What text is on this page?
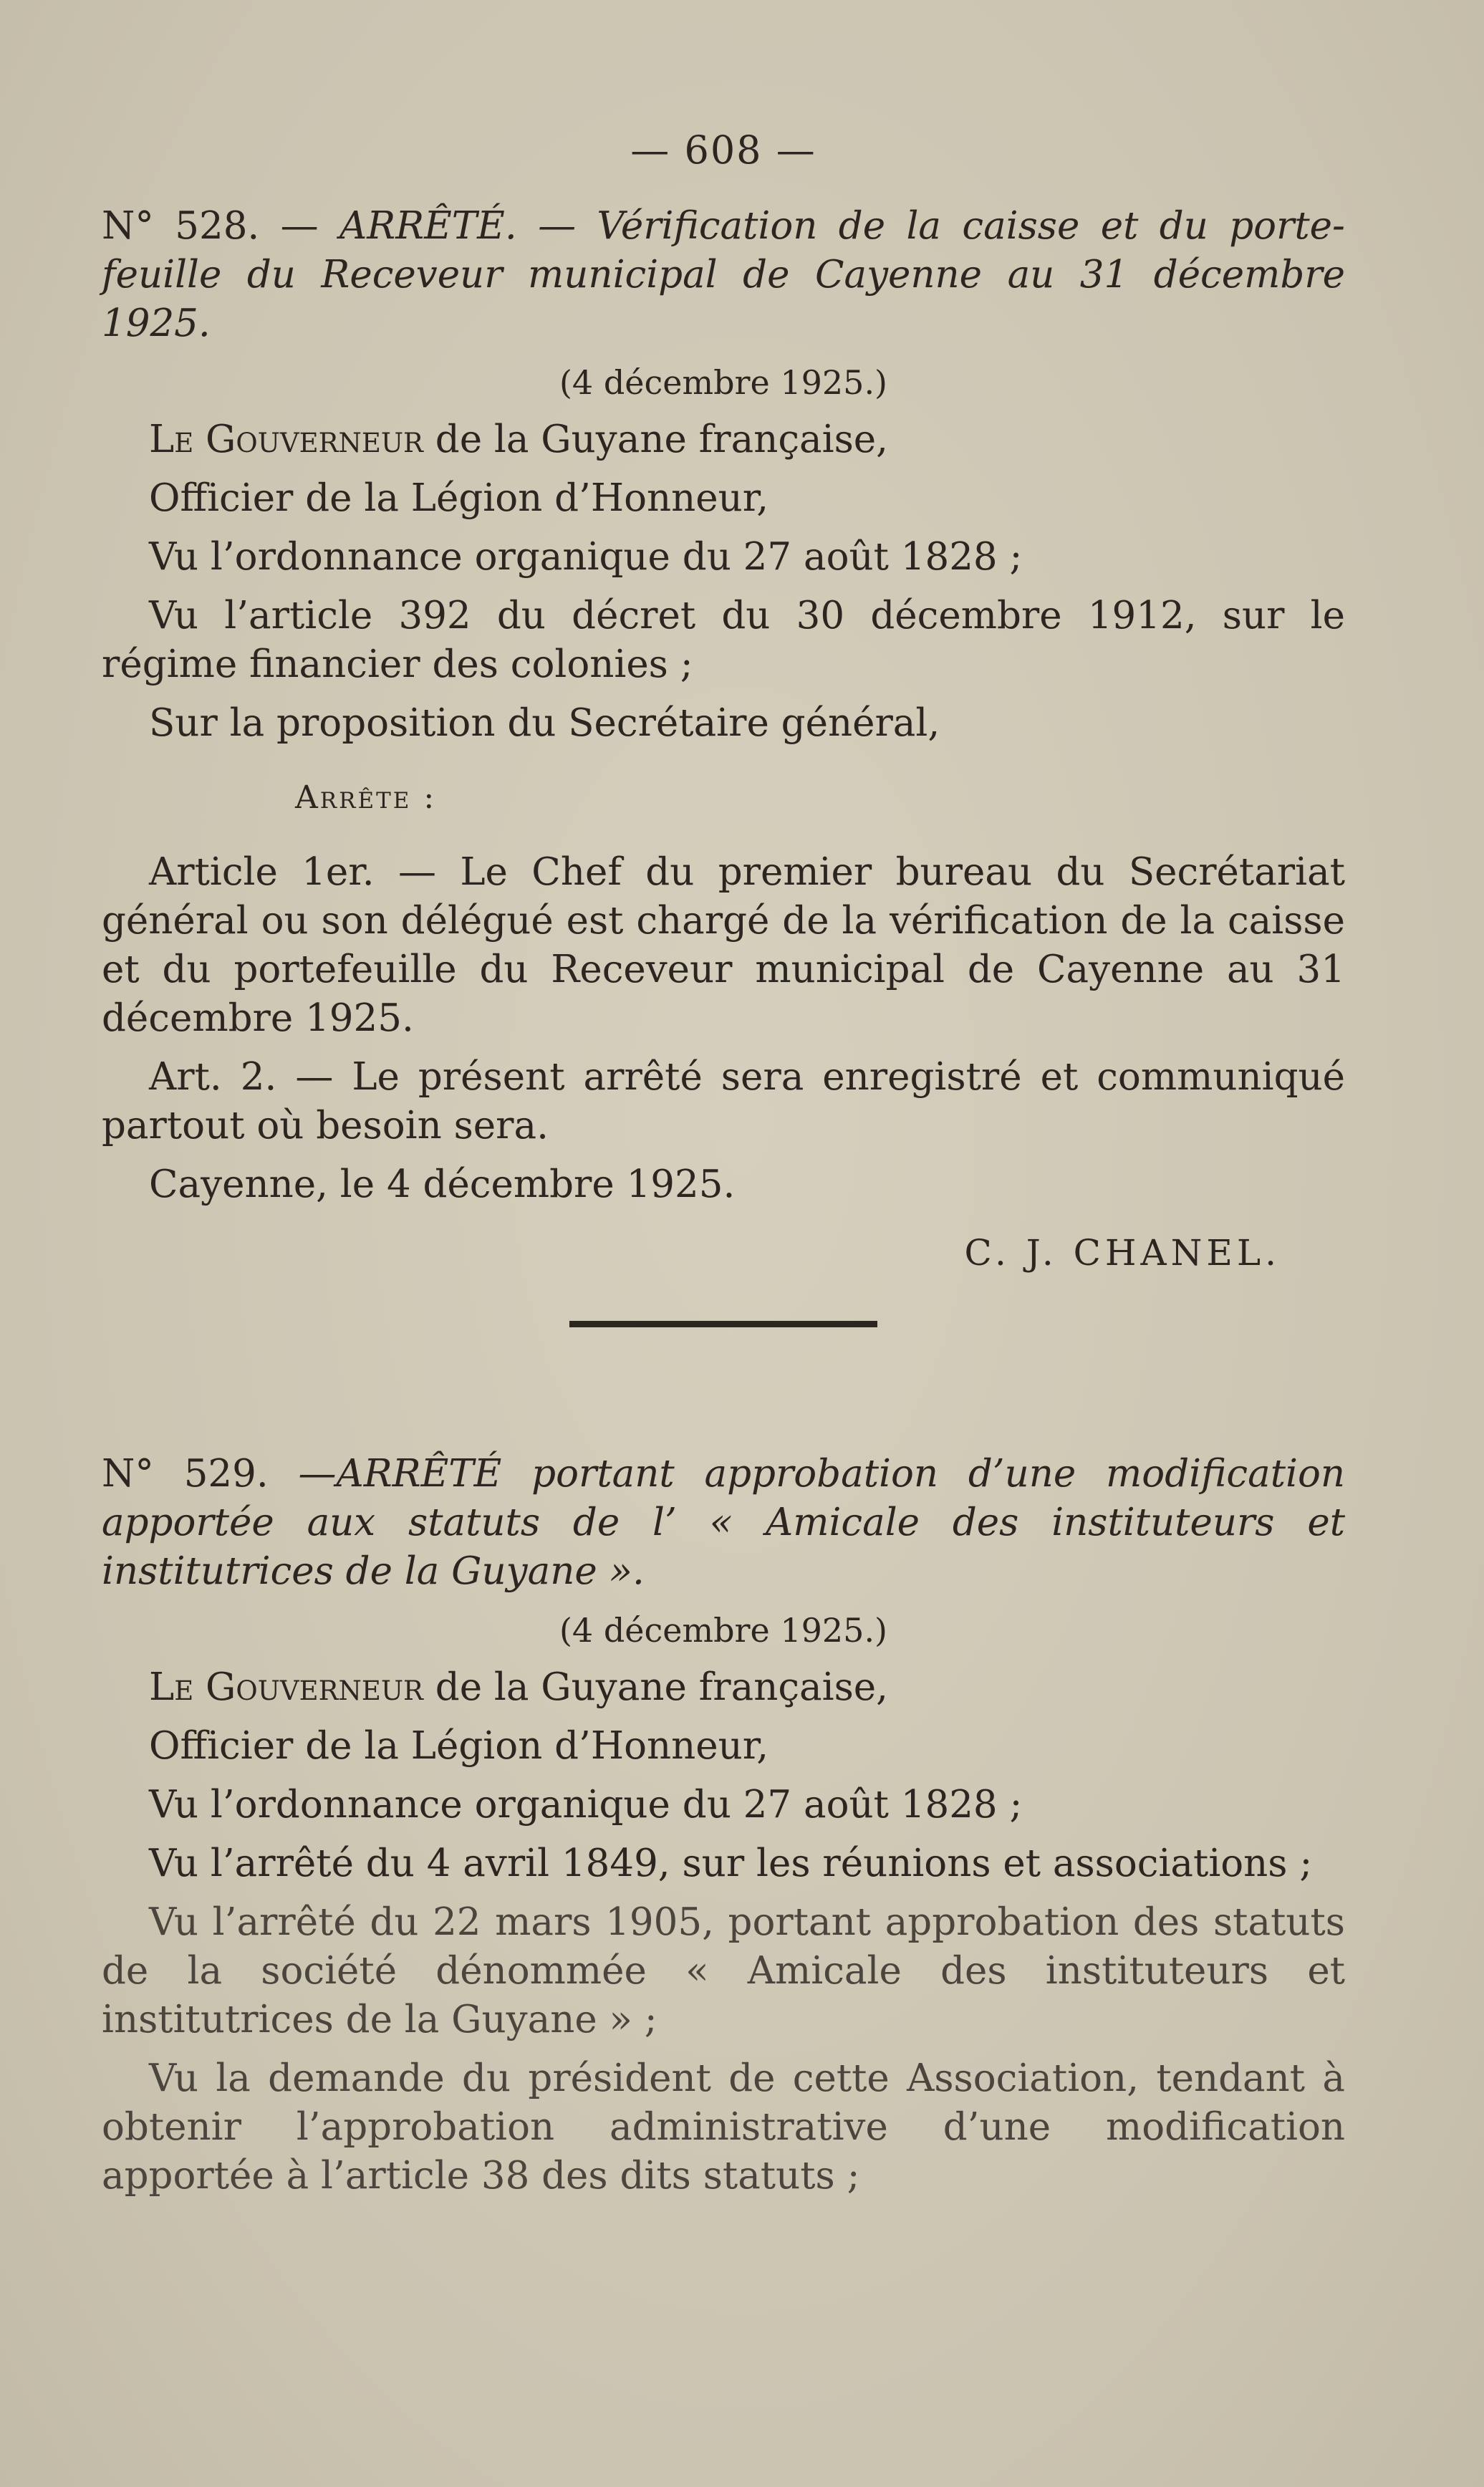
— 608 —

N° 528. — ARRÊTÉ. — Vérification de la caisse et du porte-feuille du Receveur municipal de Cayenne au 31 décembre 1925.

(4 décembre 1925.)

Le Gouverneur de la Guyane française,

Officier de la Légion d’Honneur,

Vu l’ordonnance organique du 27 août 1828 ;

Vu l’article 392 du décret du 30 décembre 1912, sur le régime financier des colonies ;

Sur la proposition du Secrétaire général,

Arrête :

Article 1er. — Le Chef du premier bureau du Secrétariat général ou son délégué est chargé de la vérification de la caisse et du portefeuille du Receveur municipal de Cayenne au 31 décembre 1925.

Art. 2. — Le présent arrêté sera enregistré et communiqué partout où besoin sera.

Cayenne, le 4 décembre 1925.

C. J. CHANEL.

N° 529. —ARRÊTÉ portant approbation d’une modification apportée aux statuts de l’ « Amicale des instituteurs et institutrices de la Guyane ».

(4 décembre 1925.)

Le Gouverneur de la Guyane française,

Officier de la Légion d’Honneur,

Vu l’ordonnance organique du 27 août 1828 ;

Vu l’arrêté du 4 avril 1849, sur les réunions et associations ;

Vu l’arrêté du 22 mars 1905, portant approbation des statuts de la société dénommée « Amicale des instituteurs et institutrices de la Guyane » ;

Vu la demande du président de cette Association, tendant à obtenir l’approbation administrative d’une modification apportée à l’article 38 des dits statuts ;
